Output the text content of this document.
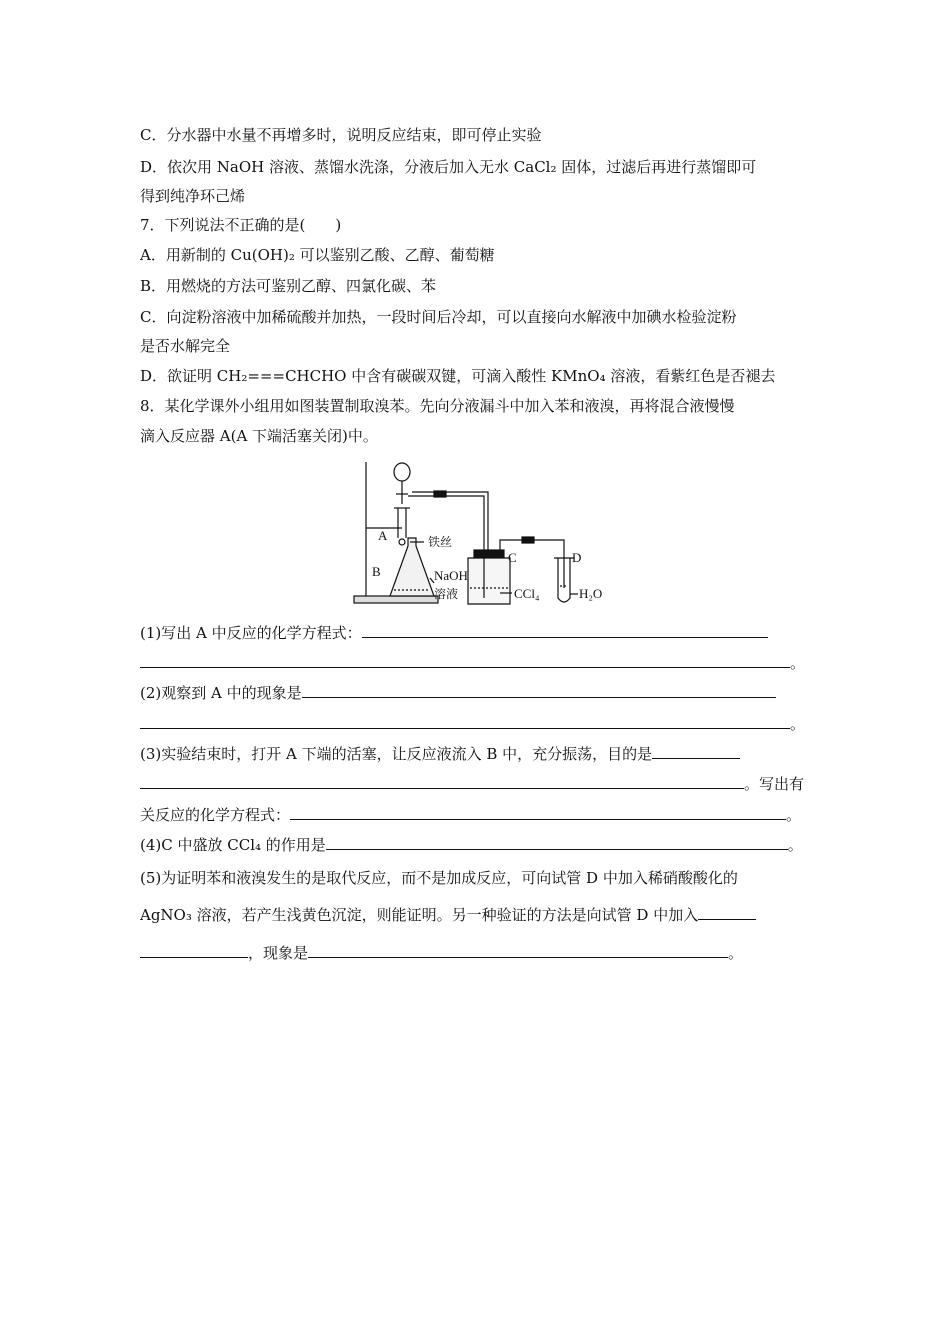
C．分水器中水量不再增多时，说明反应结束，即可停止实验
D．依次用 NaOH 溶液、蒸馏水洗涤，分液后加入无水 CaCl₂ 固体，过滤后再进行蒸馏即可
得到纯净环己烯
7．下列说法不正确的是(　　)
A．用新制的 Cu(OH)₂ 可以鉴别乙酸、乙醇、葡萄糖
B．用燃烧的方法可鉴别乙醇、四氯化碳、苯
C．向淀粉溶液中加稀硫酸并加热，一段时间后冷却，可以直接向水解液中加碘水检验淀粉
是否水解完全
D．欲证明 CH₂===CHCHO 中含有碳碳双键，可滴入酸性 KMnO₄ 溶液，看紫红色是否褪去
8．某化学课外小组用如图装置制取溴苯。先向分液漏斗中加入苯和液溴，再将混合液慢慢
滴入反应器 A(A 下端活塞关闭)中。
A
B
C	D
铁丝
NaOH
溶液	CCl₄	H₂O
(1)写出 A 中反应的化学方程式：
。
(2)观察到 A 中的现象是
。
(3)实验结束时，打开 A 下端的活塞，让反应液流入 B 中，充分振荡，目的是
。写出有
关反应的化学方程式：	。
(4)C 中盛放 CCl₄ 的作用是	。
(5)为证明苯和液溴发生的是取代反应，而不是加成反应，可向试管 D 中加入稀硝酸酸化的
AgNO₃ 溶液，若产生浅黄色沉淀，则能证明。另一种验证的方法是向试管 D 中加入
，现象是	。
